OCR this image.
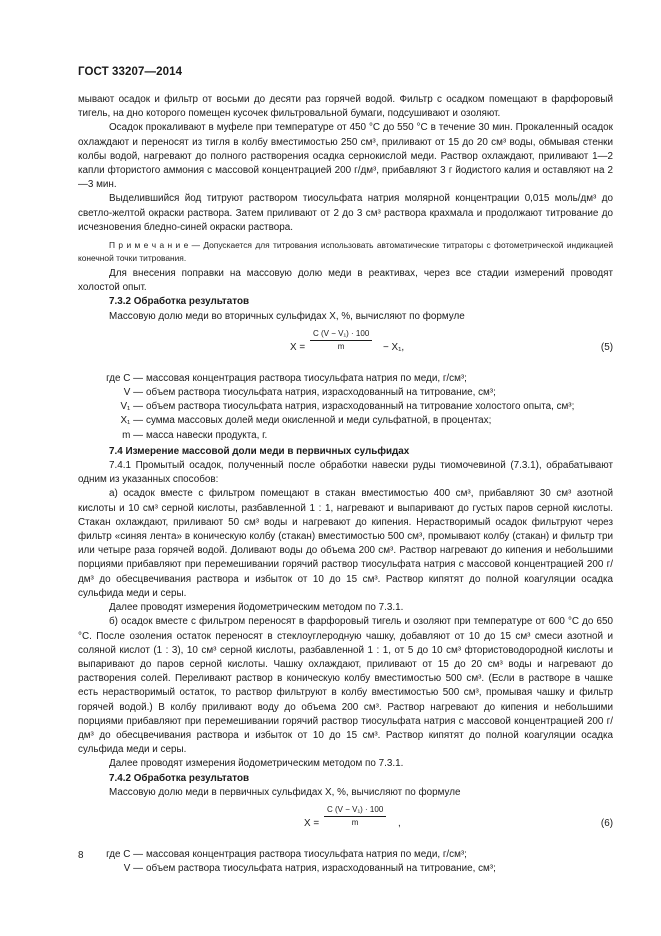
ГОСТ 33207—2014

мывают осадок и фильтр от восьми до десяти раз горячей водой. Фильтр с осадком помещают в фарфоровый тигель, на дно которого помещен кусочек фильтровальной бумаги, подсушивают и озоляют.

Осадок прокаливают в муфеле при температуре от 450 °С до 550 °С в течение 30 мин. Прокаленный осадок охлаждают и переносят из тигля в колбу вместимостью 250 см³, приливают от 15 до 20 см³ воды, обмывая стенки колбы водой, нагревают до полного растворения осадка сернокислой меди. Раствор охлаждают, приливают 1—2 капли фтористого аммония с массовой концентрацией 200 г/дм³, прибавляют 3 г йодистого калия и оставляют на 2—3 мин.

Выделившийся йод титруют раствором тиосульфата натрия молярной концентрации 0,015 моль/дм³ до светло-желтой окраски раствора. Затем приливают от 2 до 3 см³ раствора крахмала и продолжают титрование до исчезновения бледно-синей окраски раствора.

П р и м е ч а н и е — Допускается для титрования использовать автоматические титраторы с фотометрической индикацией конечной точки титрования.

Для внесения поправки на массовую долю меди в реактивах, через все стадии измерений проводят холостой опыт.

7.3.2 Обработка результатов

Массовую долю меди во вторичных сульфидах X, %, вычисляют по формуле

X =
C (V − V₁) · 100
m	− X₁,	(5)
где C — массовая концентрация раствора тиосульфата натрия по меди, г/см³;
V — объем раствора тиосульфата натрия, израсходованный на титрование, см³;
V₁ — объем раствора тиосульфата натрия, израсходованный на титрование холостого опыта, см³;
X₁ — сумма массовых долей меди окисленной и меди сульфатной, в процентах;
m — масса навески продукта, г.

7.4 Измерение массовой доли меди в первичных сульфидах

7.4.1 Промытый осадок, полученный после обработки навески руды тиомочевиной (7.3.1), обрабатывают одним из указанных способов:

а) осадок вместе с фильтром помещают в стакан вместимостью 400 см³, прибавляют 30 см³ азотной кислоты и 10 см³ серной кислоты, разбавленной 1 : 1, нагревают и выпаривают до густых паров серной кислоты. Стакан охлаждают, приливают 50 см³ воды и нагревают до кипения. Нерастворимый осадок фильтруют через фильтр «синяя лента» в коническую колбу (стакан) вместимостью 500 см³, промывают колбу (стакан) и фильтр три или четыре раза горячей водой. Доливают воды до объема 200 см³. Раствор нагревают до кипения и небольшими порциями прибавляют при перемешивании горячий раствор тиосульфата натрия с массовой концентрацией 200 г/дм³ до обесцвечивания раствора и избыток от 10 до 15 см³. Раствор кипятят до полной коагуляции осадка сульфида меди и серы.

Далее проводят измерения йодометрическим методом по 7.3.1.

б) осадок вместе с фильтром переносят в фарфоровый тигель и озоляют при температуре от 600 °С до 650 °С. После озоления остаток переносят в стеклоуглеродную чашку, добавляют от 10 до 15 см³ смеси азотной и соляной кислот (1 : 3), 10 см³ серной кислоты, разбавленной 1 : 1, от 5 до 10 см³ фтористоводородной кислоты и выпаривают до паров серной кислоты. Чашку охлаждают, приливают от 15 до 20 см³ воды и нагревают до растворения солей. Переливают раствор в коническую колбу вместимостью 500 см³. (Если в растворе в чашке есть нерастворимый остаток, то раствор фильтруют в колбу вместимостью 500 см³, промывая чашку и фильтр горячей водой.) В колбу приливают воду до объема 200 см³. Раствор нагревают до кипения и небольшими порциями прибавляют при перемешивании горячий раствор тиосульфата натрия с массовой концентрацией 200 г/дм³ до обесцвечивания раствора и избыток от 10 до 15 см³. Раствор кипятят до полной коагуляции осадка сульфида меди и серы.

Далее проводят измерения йодометрическим методом по 7.3.1.

7.4.2 Обработка результатов

Массовую долю меди в первичных сульфидах X, %, вычисляют по формуле

X =
C (V − V₁) · 100
m	,	(6)
где C — массовая концентрация раствора тиосульфата натрия по меди, г/см³;
V — объем раствора тиосульфата натрия, израсходованный на титрование, см³;
8
